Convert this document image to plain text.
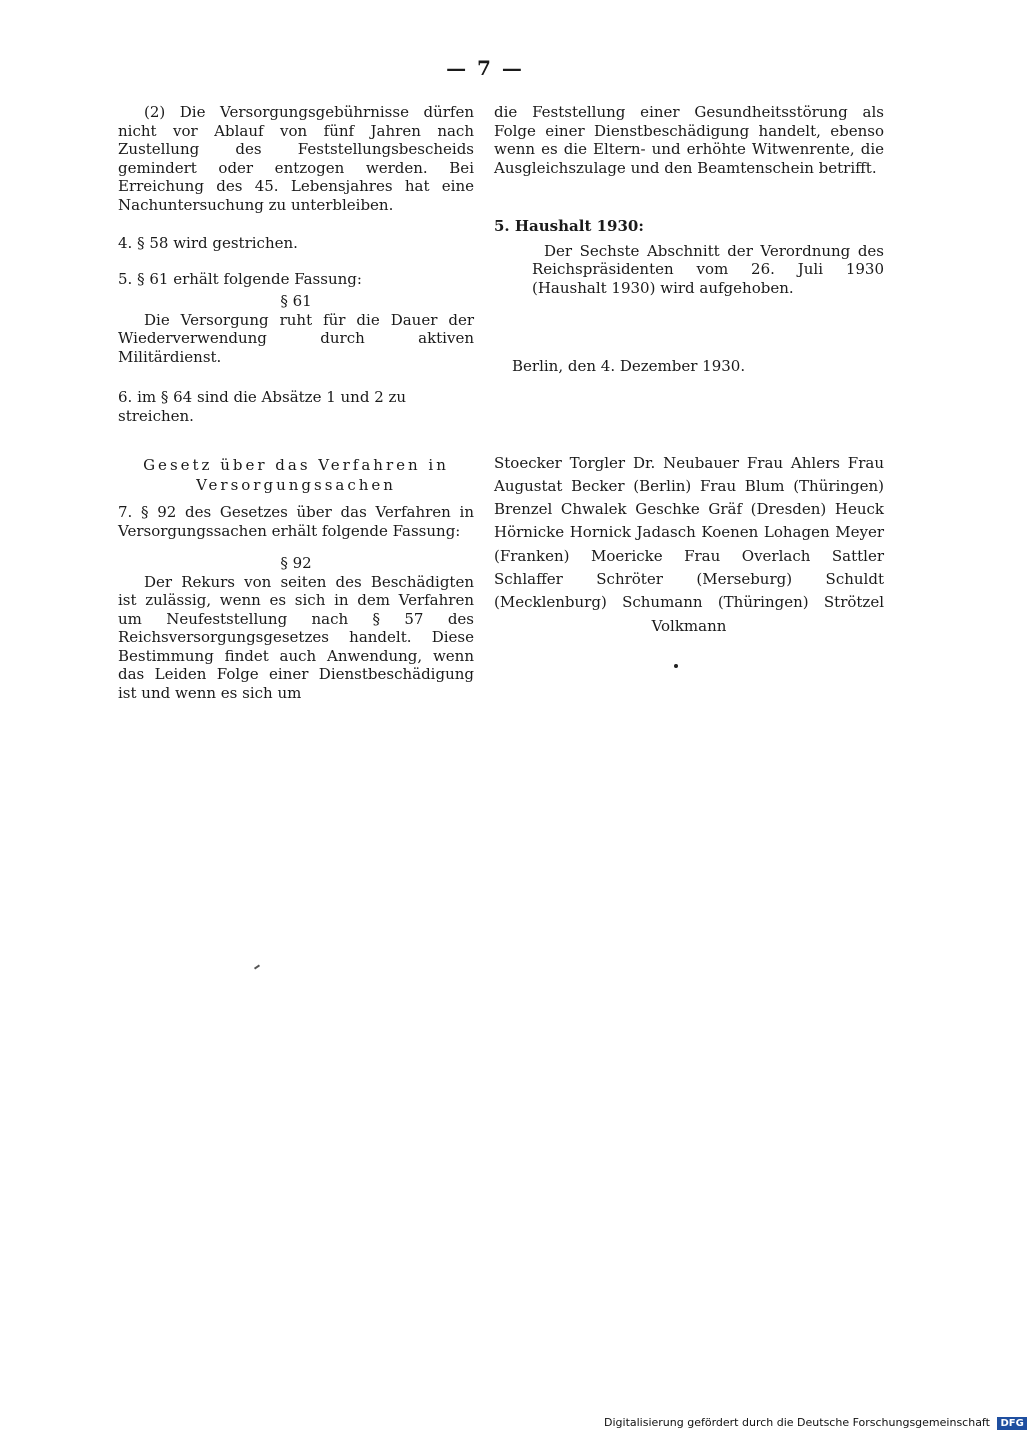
— 7 —

(2) Die Versorgungsgebührnisse dürfen nicht vor Ablauf von fünf Jahren nach Zustellung des Feststellungsbescheids gemindert oder entzogen werden. Bei Erreichung des 45. Lebensjahres hat eine Nachuntersuchung zu unterbleiben.

4. § 58 wird gestrichen.

5. § 61 erhält folgende Fassung:

§ 61

Die Versorgung ruht für die Dauer der Wiederverwendung durch aktiven Militärdienst.

6. im § 64 sind die Absätze 1 und 2 zu streichen.

Gesetz über das Verfahren in Versorgungssachen

7. § 92 des Gesetzes über das Verfahren in Versorgungssachen erhält folgende Fassung:

§ 92

Der Rekurs von seiten des Beschädigten ist zulässig, wenn es sich in dem Verfahren um Neufeststellung nach § 57 des Reichsversorgungsgesetzes handelt. Diese Bestimmung findet auch Anwendung, wenn das Leiden Folge einer Dienstbeschädigung ist und wenn es sich um

die Feststellung einer Gesundheitsstörung als Folge einer Dienstbeschädigung handelt, ebenso wenn es die Eltern- und erhöhte Witwenrente, die Ausgleichszulage und den Beamtenschein betrifft.

5. Haushalt 1930:

Der Sechste Abschnitt der Verordnung des Reichspräsidenten vom 26. Juli 1930 (Haushalt 1930) wird aufgehoben.

Berlin, den 4. Dezember 1930.

Stoecker Torgler Dr. Neubauer Frau Ahlers Frau Augustat Becker (Berlin) Frau Blum (Thüringen) Brenzel Chwalek Geschke Gräf (Dresden) Heuck Hörnicke Hornick Jadasch Koenen Lohagen Meyer (Franken) Moericke Frau Overlach Sattler Schlaffer Schröter (Merseburg) Schuldt (Mecklenburg) Schumann (Thüringen) Strötzel Volkmann

Digitalisierung gefördert durch die Deutsche Forschungsgemeinschaft DFG
